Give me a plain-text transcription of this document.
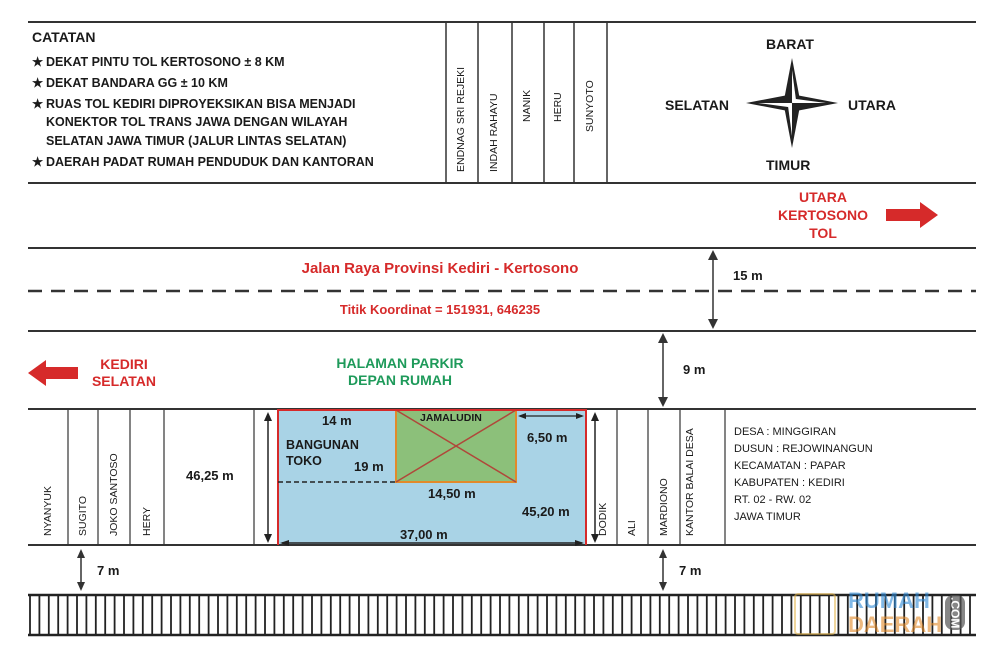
CATATAN
★ DEKAT PINTU TOL KERTOSONO ± 8 KM
★ DEKAT BANDARA GG ± 10 KM
★ RUAS TOL KEDIRI DIPROYEKSIKAN BISA MENJADI
KONEKTOR TOL TRANS JAWA DENGAN WILAYAH
SELATAN JAWA TIMUR (JALUR LINTAS SELATAN)
★ DAERAH PADAT RUMAH PENDUDUK DAN KANTORAN	ENDNAG SRI REJEKI INDAH RAHAYU NANIK HERU SUNYOTO
BARAT
TIMUR
SELATAN	UTARA
UTARA
KERTOSONO
TOL
Jalan Raya Provinsi Kediri - Kertosono
Titik Koordinat = 151931, 646235
15 m
KEDIRI
SELATAN
HALAMAN PARKIR
DEPAN RUMAH
9 m
NYANYUK SUGITO JOKO SANTOSO HERY
46,25 m
14 m
BANGUNAN
TOKO	19 m
JAMALUDIN
6,50 m
14,50 m
45,20 m
37,00 m	DODIK ALI MARDIONO KANTOR BALAI DESA	DESA : MINGGIRAN
DUSUN : REJOWINANGUN
KECAMATAN : PAPAR
KABUPATEN : KEDIRI
RT. 02 - RW. 02
JAWA TIMUR
7 m	7 m
RUMAH
DAERAH .COM
